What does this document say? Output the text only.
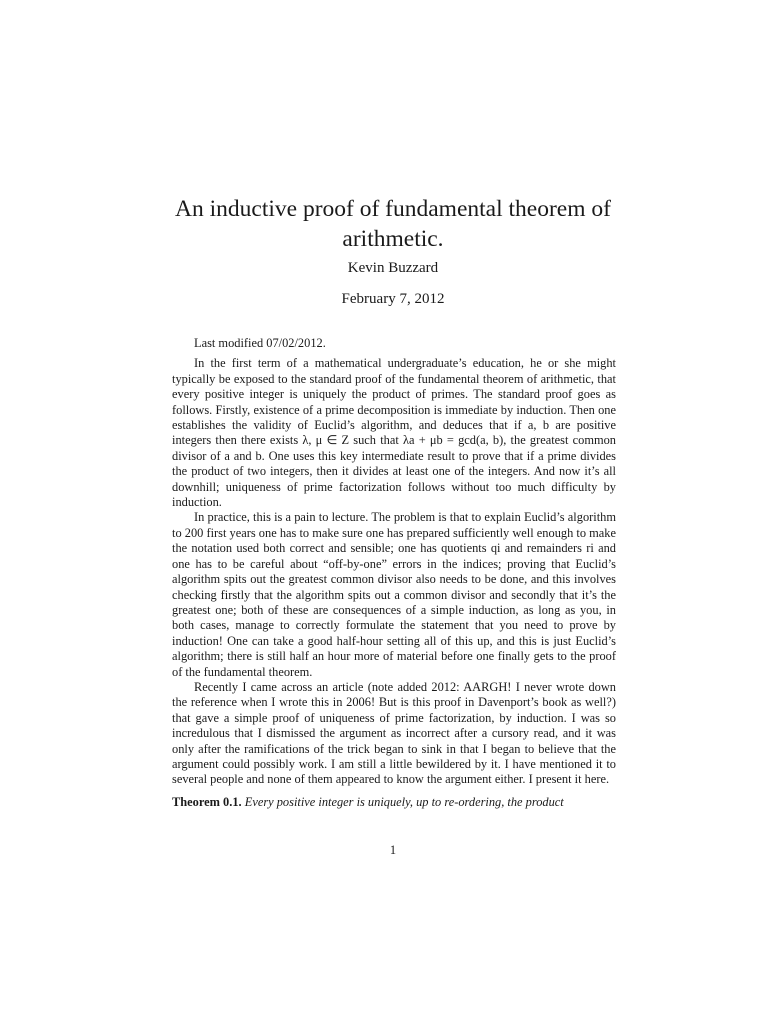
An inductive proof of fundamental theorem of arithmetic.
Kevin Buzzard
February 7, 2012

Last modified 07/02/2012.

In the first term of a mathematical undergraduate’s education, he or she might typically be exposed to the standard proof of the fundamental theorem of arithmetic, that every positive integer is uniquely the product of primes. The standard proof goes as follows. Firstly, existence of a prime decomposition is immediate by induction. Then one establishes the validity of Euclid’s algorithm, and deduces that if a, b are positive integers then there exists λ, μ ∈ Z such that λa + μb = gcd(a, b), the greatest common divisor of a and b. One uses this key intermediate result to prove that if a prime divides the product of two integers, then it divides at least one of the integers. And now it’s all downhill; uniqueness of prime factorization follows without too much difficulty by induction.

In practice, this is a pain to lecture. The problem is that to explain Euclid’s algorithm to 200 first years one has to make sure one has prepared sufficiently well enough to make the notation used both correct and sensible; one has quotients qi and remainders ri and one has to be careful about “off-by-one” errors in the indices; proving that Euclid’s algorithm spits out the greatest common divisor also needs to be done, and this involves checking firstly that the algorithm spits out a common divisor and secondly that it’s the greatest one; both of these are consequences of a simple induction, as long as you, in both cases, manage to correctly formulate the statement that you need to prove by induction! One can take a good half-hour setting all of this up, and this is just Euclid’s algorithm; there is still half an hour more of material before one finally gets to the proof of the fundamental theorem.

Recently I came across an article (note added 2012: AARGH! I never wrote down the reference when I wrote this in 2006! But is this proof in Davenport’s book as well?) that gave a simple proof of uniqueness of prime factorization, by induction. I was so incredulous that I dismissed the argument as incorrect after a cursory read, and it was only after the ramifications of the trick began to sink in that I began to believe that the argument could possibly work. I am still a little bewildered by it. I have mentioned it to several people and none of them appeared to know the argument either. I present it here.

Theorem 0.1. Every positive integer is uniquely, up to re-ordering, the product

1
